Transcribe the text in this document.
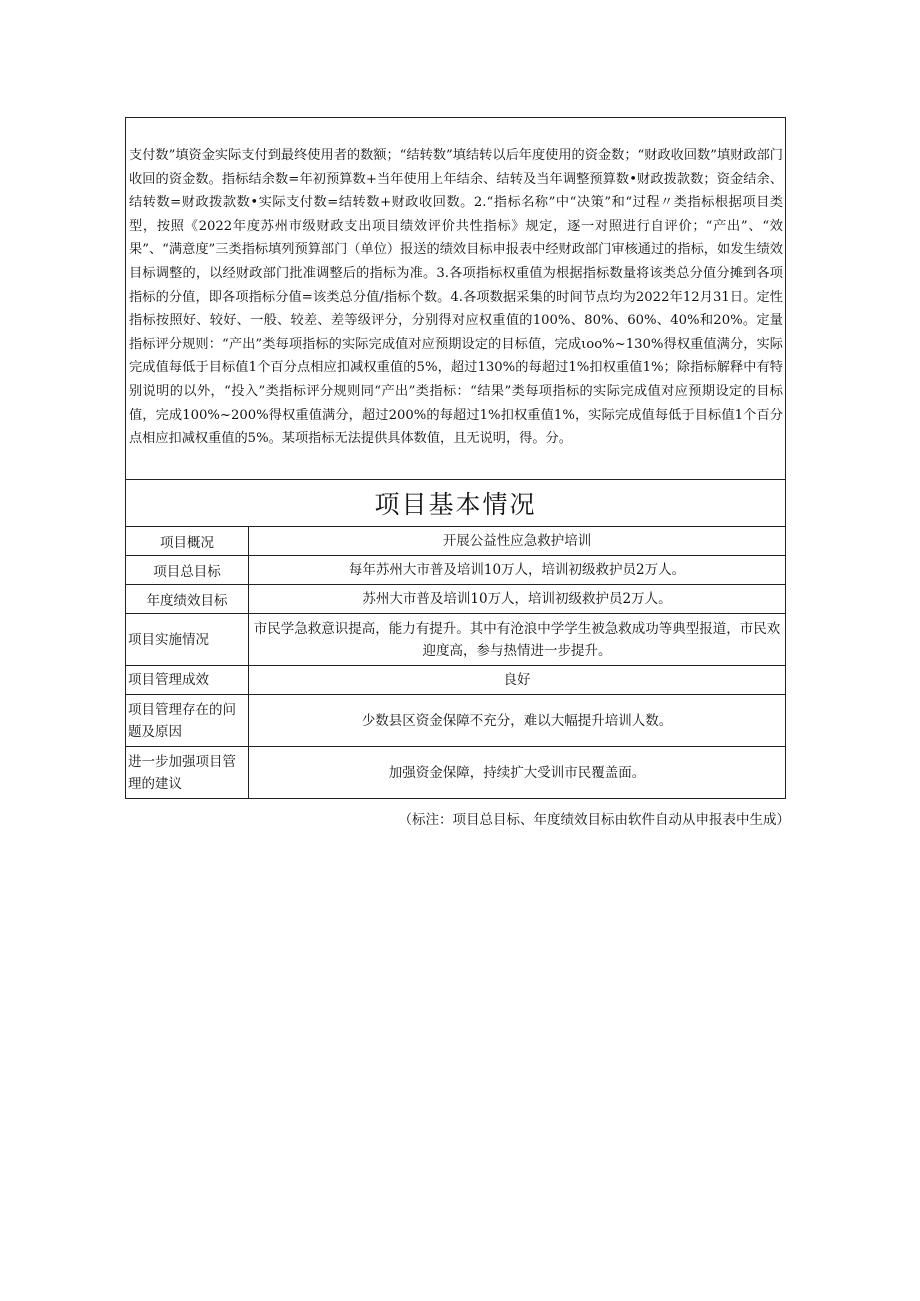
支付数”填资金实际支付到最终使用者的数额；“结转数”填结转以后年度使用的资金数；“财政收回数”填财政部门收回的资金数。指标结余数=年初预算数+当年使用上年结余、结转及当年调整预算数•财政拨款数；资金结余、结转数=财政拨款数•实际支付数=结转数+财政收回数。2.“指标名称”中“决策”和“过程〃类指标根据项目类型，按照《2022年度苏州市级财政支出项目绩效评价共性指标》规定，逐一对照进行自评价；“产出”、“效果”、“满意度”三类指标填列预算部门（单位）报送的绩效目标申报表中经财政部门审核通过的指标，如发生绩效目标调整的，以经财政部门批准调整后的指标为准。3.各项指标权重值为根据指标数量将该类总分值分摊到各项指标的分值，即各项指标分值=该类总分值/指标个数。4.各项数据采集的时间节点均为2022年12月31日。定性指标按照好、较好、一般、较差、差等级评分，分别得对应权重值的100%、80%、60%、40%和20%。定量指标评分规则：“产出”类每项指标的实际完成值对应预期设定的目标值，完成ιoo%~130%得权重值满分，实际完成值每低于目标值1个百分点相应扣减权重值的5%，超过130%的每超过1%扣权重值1%；除指标解释中有特别说明的以外，“投入”类指标评分规则同“产出”类指标：“结果”类每项指标的实际完成值对应预期设定的目标值，完成100%~200%得权重值满分，超过200%的每超过1%扣权重值1%，实际完成值每低于目标值1个百分点相应扣减权重值的5%。某项指标无法提供具体数值，且无说明，得。分。	
项目基本情况	
项目概况	开展公益性应急救护培训
项目总目标	每年苏州大市普及培训10万人，培训初级救护员2万人。
年度绩效目标	苏州大市普及培训10万人，培训初级救护员2万人。
项目实施情况	市民学急救意识提高，能力有提升。其中有沧浪中学学生被急救成功等典型报道，市民欢迎度高，参与热情进一步提升。
项目管理成效	良好
项目管理存在的问题及原因	少数县区资金保障不充分，难以大幅提升培训人数。
进一步加强项目管理的建议	加强资金保障，持续扩大受训市民覆盖面。
（标注：项目总目标、年度绩效目标由软件自动从申报表中生成）
